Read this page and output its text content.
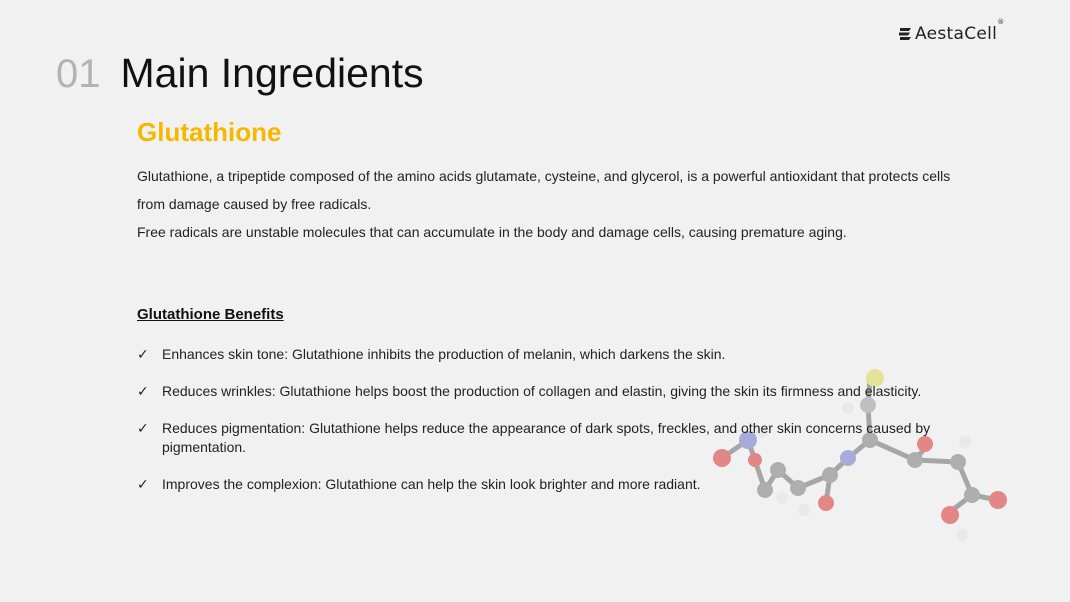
AestaCell®
01 Main Ingredients
Glutathione

Glutathione, a tripeptide composed of the amino acids glutamate, cysteine, and glycerol, is a powerful antioxidant that protects cells from damage caused by free radicals.

Free radicals are unstable molecules that can accumulate in the body and damage cells, causing premature aging.

Glutathione Benefits
✓ Enhances skin tone: Glutathione inhibits the production of melanin, which darkens the skin.
✓ Reduces wrinkles: Glutathione helps boost the production of collagen and elastin, giving the skin its firmness and elasticity.
✓ Reduces pigmentation: Glutathione helps reduce the appearance of dark spots, freckles, and other skin concerns caused by pigmentation.
✓ Improves the complexion: Glutathione can help the skin look brighter and more radiant.
